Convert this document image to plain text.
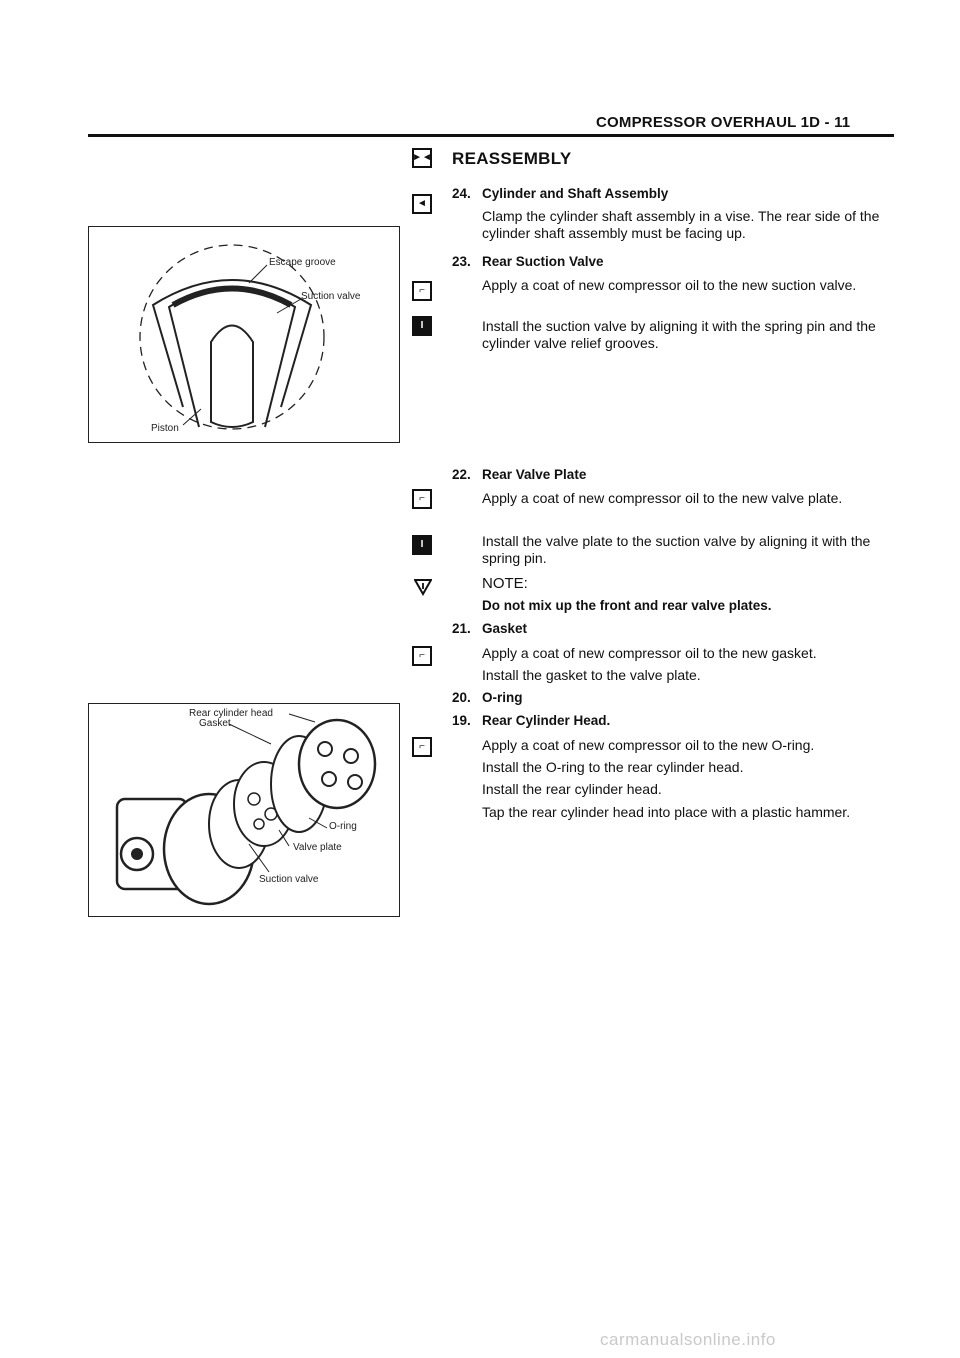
COMPRESSOR OVERHAUL 1D - 11
Escape groove
Suction valve
Piston
Rear cylinder head
Gasket
O-ring
Valve plate
Suction valve
►◄
◄
⌐
I
⌐
I
⌐
⌐
REASSEMBLY
24. Cylinder and Shaft Assembly
Clamp the cylinder shaft assembly in a vise. The rear side of the cylinder shaft assembly must be facing up.
23. Rear Suction Valve
Apply a coat of new compressor oil to the new suction valve.
Install the suction valve by aligning it with the spring pin and the cylinder valve relief grooves.
22. Rear Valve Plate
Apply a coat of new compressor oil to the new valve plate.
Install the valve plate to the suction valve by aligning it with the spring pin.
NOTE:
Do not mix up the front and rear valve plates.
21. Gasket
Apply a coat of new compressor oil to the new gasket.
Install the gasket to the valve plate.
20. O-ring
19. Rear Cylinder Head.
Apply a coat of new compressor oil to the new O-ring.
Install the O-ring to the rear cylinder head.
Install the rear cylinder head.
Tap the rear cylinder head into place with a plastic hammer.
carmanualsonline.info
